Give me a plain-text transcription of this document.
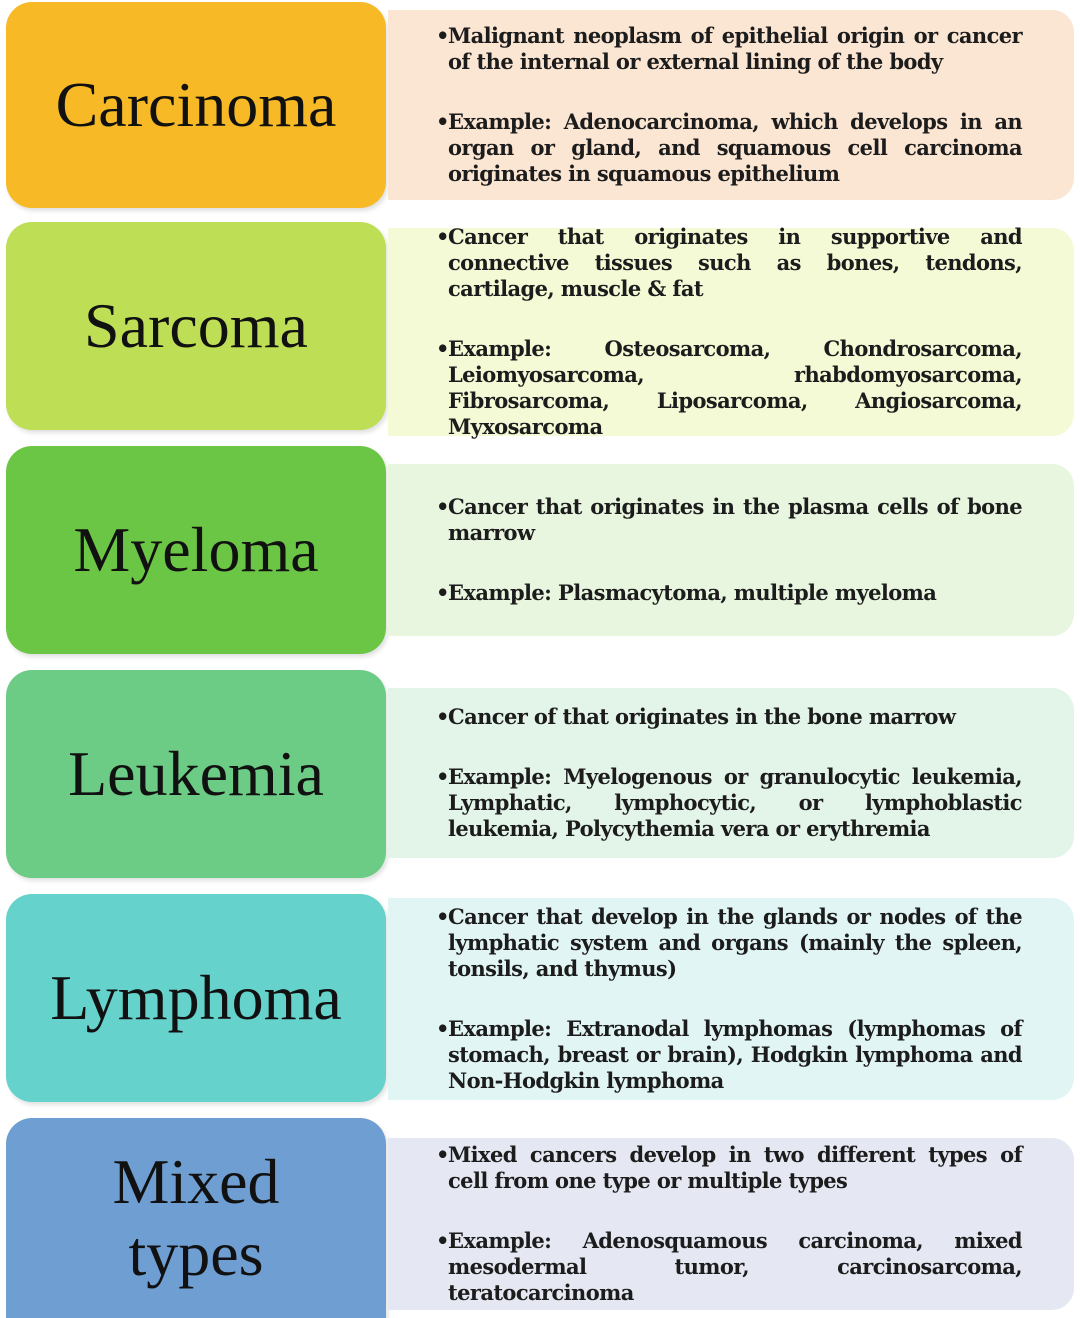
Carcinoma
• Malignant neoplasm of epithelial origin or cancer of the internal or external lining of the body
• Example: Adenocarcinoma, which develops in an organ or gland, and squamous cell carcinoma originates in squamous epithelium
Sarcoma
• Cancer that originates in supportive and connective tissues such as bones, tendons, cartilage, muscle & fat
• Example: Osteosarcoma, Chondrosarcoma, Leiomyosarcoma, rhabdomyosarcoma, Fibrosarcoma, Liposarcoma, Angiosarcoma, Myxosarcoma
Myeloma
• Cancer that originates in the plasma cells of bone marrow
• Example: Plasmacytoma, multiple myeloma
Leukemia
• Cancer of that originates in the bone marrow
• Example: Myelogenous or granulocytic leukemia, Lymphatic, lymphocytic, or lymphoblastic leukemia, Polycythemia vera or erythremia
Lymphoma
• Cancer that develop in the glands or nodes of the lymphatic system and organs (mainly the spleen, tonsils, and thymus)
• Example: Extranodal lymphomas (lymphomas of stomach, breast or brain), Hodgkin lymphoma and Non-Hodgkin lymphoma
Mixed
types
• Mixed cancers develop in two different types of cell from one type or multiple types
• Example: Adenosquamous carcinoma, mixed mesodermal tumor, carcinosarcoma, teratocarcinoma
